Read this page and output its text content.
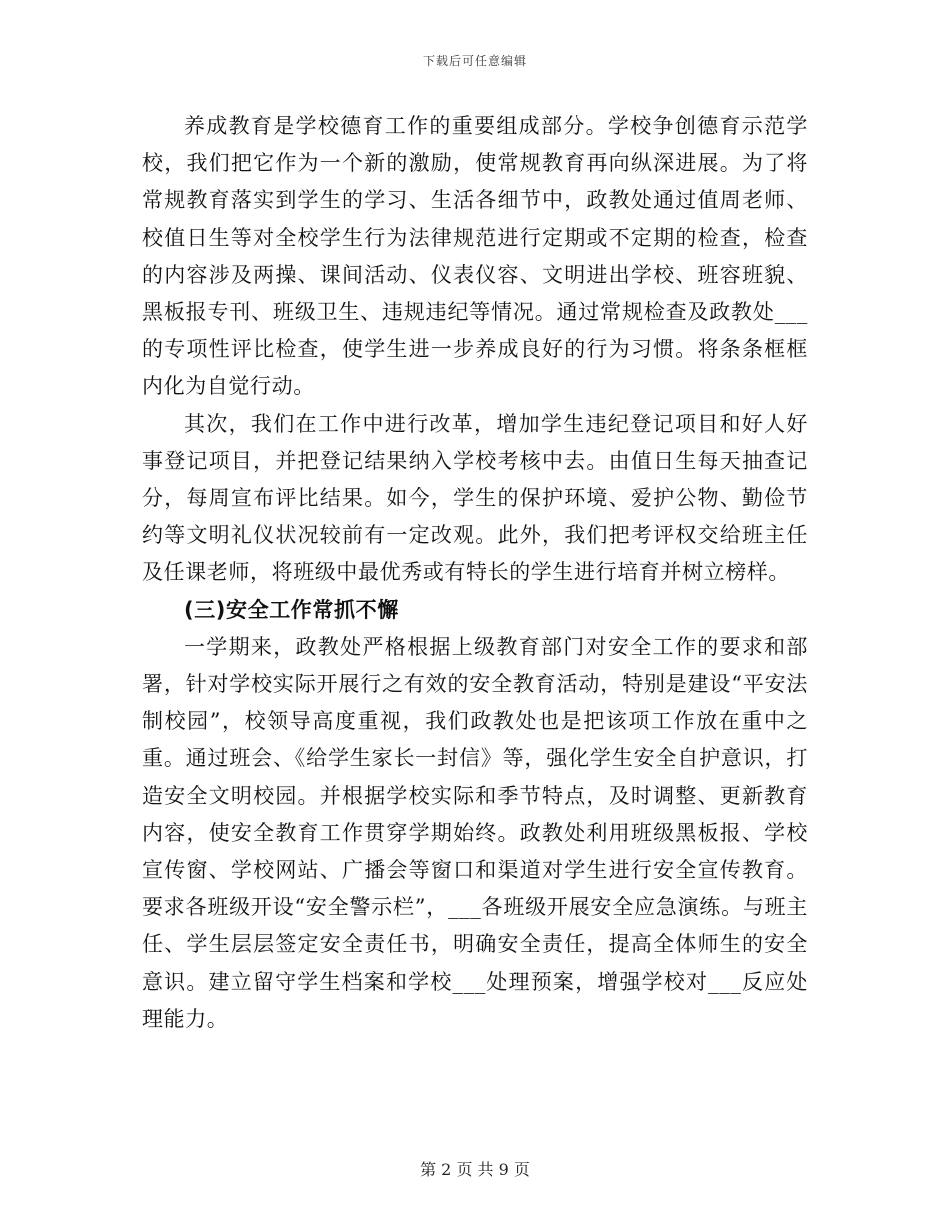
下载后可任意编辑

养成教育是学校德育工作的重要组成部分。学校争创德育示范学校，我们把它作为一个新的激励，使常规教育再向纵深进展。为了将常规教育落实到学生的学习、生活各细节中，政教处通过值周老师、校值日生等对全校学生行为法律规范进行定期或不定期的检查，检查的内容涉及两操、课间活动、仪表仪容、文明进出学校、班容班貌、黑板报专刊、班级卫生、违规违纪等情况。通过常规检查及政教处___的专项性评比检查，使学生进一步养成良好的行为习惯。将条条框框内化为自觉行动。

其次，我们在工作中进行改革，增加学生违纪登记项目和好人好事登记项目，并把登记结果纳入学校考核中去。由值日生每天抽查记分，每周宣布评比结果。如今，学生的保护环境、爱护公物、勤俭节约等文明礼仪状况较前有一定改观。此外，我们把考评权交给班主任及任课老师，将班级中最优秀或有特长的学生进行培育并树立榜样。

(三)安全工作常抓不懈

一学期来，政教处严格根据上级教育部门对安全工作的要求和部署，针对学校实际开展行之有效的安全教育活动，特别是建设“平安法制校园”，校领导高度重视，我们政教处也是把该项工作放在重中之重。通过班会、《给学生家长一封信》等，强化学生安全自护意识，打造安全文明校园。并根据学校实际和季节特点，及时调整、更新教育内容，使安全教育工作贯穿学期始终。政教处利用班级黑板报、学校宣传窗、学校网站、广播会等窗口和渠道对学生进行安全宣传教育。要求各班级开设“安全警示栏”，___各班级开展安全应急演练。与班主任、学生层层签定安全责任书，明确安全责任，提高全体师生的安全意识。建立留守学生档案和学校___处理预案，增强学校对___反应处理能力。

第 2 页 共 9 页
